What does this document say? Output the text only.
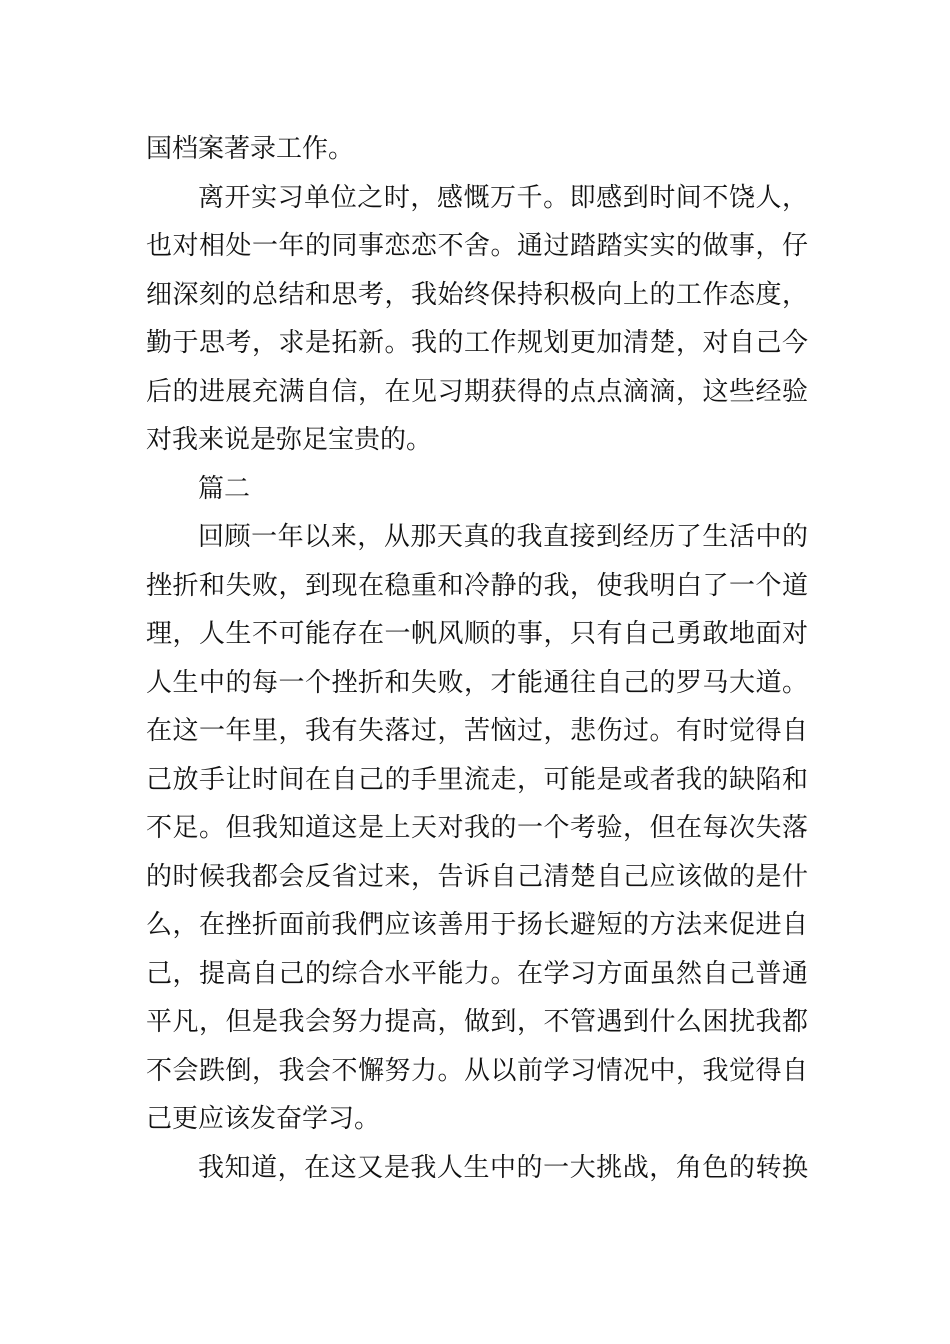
国档案著录工作。
离开实习单位之时，感慨万千。即感到时间不饶人，
也对相处一年的同事恋恋不舍。通过踏踏实实的做事，仔
细深刻的总结和思考，我始终保持积极向上的工作态度，
勤于思考，求是拓新。我的工作规划更加清楚，对自己今
后的进展充满自信，在见习期获得的点点滴滴，这些经验
对我来说是弥足宝贵的。
篇二
回顾一年以来，从那天真的我直接到经历了生活中的
挫折和失败，到现在稳重和冷静的我，使我明白了一个道
理，人生不可能存在一帆风顺的事，只有自己勇敢地面对
人生中的每一个挫折和失败，才能通往自己的罗马大道。
在这一年里，我有失落过，苦恼过，悲伤过。有时觉得自
己放手让时间在自己的手里流走，可能是或者我的缺陷和
不足。但我知道这是上天对我的一个考验，但在每次失落
的时候我都会反省过来，告诉自己清楚自己应该做的是什
么，在挫折面前我們应该善用于扬长避短的方法来促进自
己，提高自己的综合水平能力。在学习方面虽然自己普通
平凡，但是我会努力提高，做到，不管遇到什么困扰我都
不会跌倒，我会不懈努力。从以前学习情况中，我觉得自
己更应该发奋学习。
我知道，在这又是我人生中的一大挑战，角色的转换
